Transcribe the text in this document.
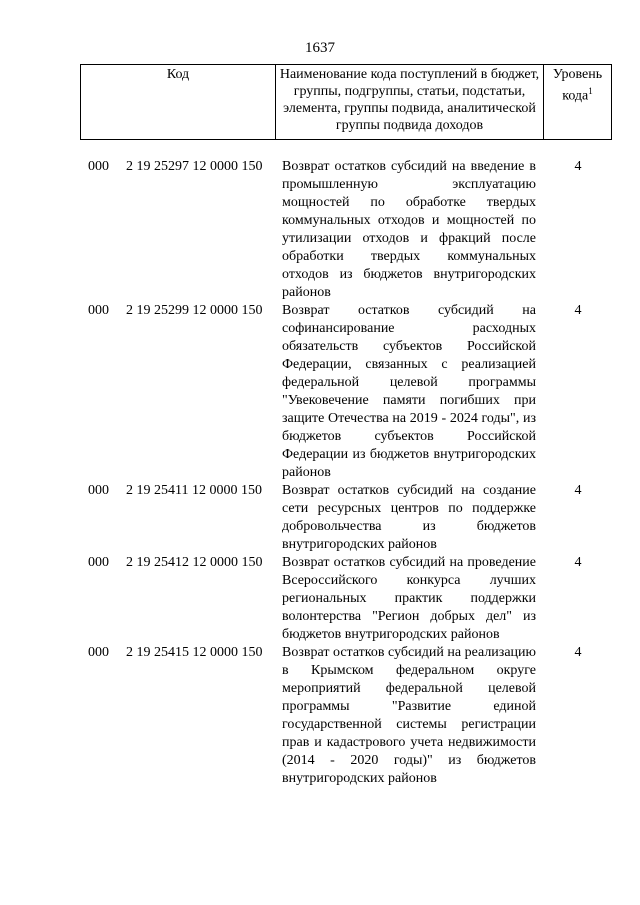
1637
Код	Наименование кода поступлений в бюджет, группы, подгруппы, статьи, подстатьи, элемента, группы подвида, аналитической группы подвида доходов
Уровень кода$^1$
000 2 19 25297 12 0000 150 Возврат остатков субсидий на введение в промышленную эксплуатацию мощностей по обработке твердых коммунальных отходов и мощностей по утилизации отходов и фракций после обработки твердых коммунальных отходов из бюджетов внутригородских районов
4
000 2 19 25299 12 0000 150 Возврат остатков субсидий на софинансирование расходных обязательств субъектов Российской Федерации, связанных с реализацией федеральной целевой программы "Увековечение памяти погибших при защите Отечества на 2019 - 2024 годы", из бюджетов субъектов Российской Федерации из бюджетов внутригородских районов
4
000 2 19 25411 12 0000 150 Возврат остатков субсидий на создание сети ресурсных центров по поддержке добровольчества из бюджетов внутригородских районов
4
000 2 19 25412 12 0000 150 Возврат остатков субсидий на проведение Всероссийского конкурса лучших региональных практик поддержки волонтерства "Регион добрых дел" из бюджетов внутригородских районов
4
000 2 19 25415 12 0000 150 Возврат остатков субсидий на реализацию в Крымском федеральном округе мероприятий федеральной целевой программы "Развитие единой государственной системы регистрации прав и кадастрового учета недвижимости (2014 - 2020 годы)" из бюджетов внутригородских районов
4
